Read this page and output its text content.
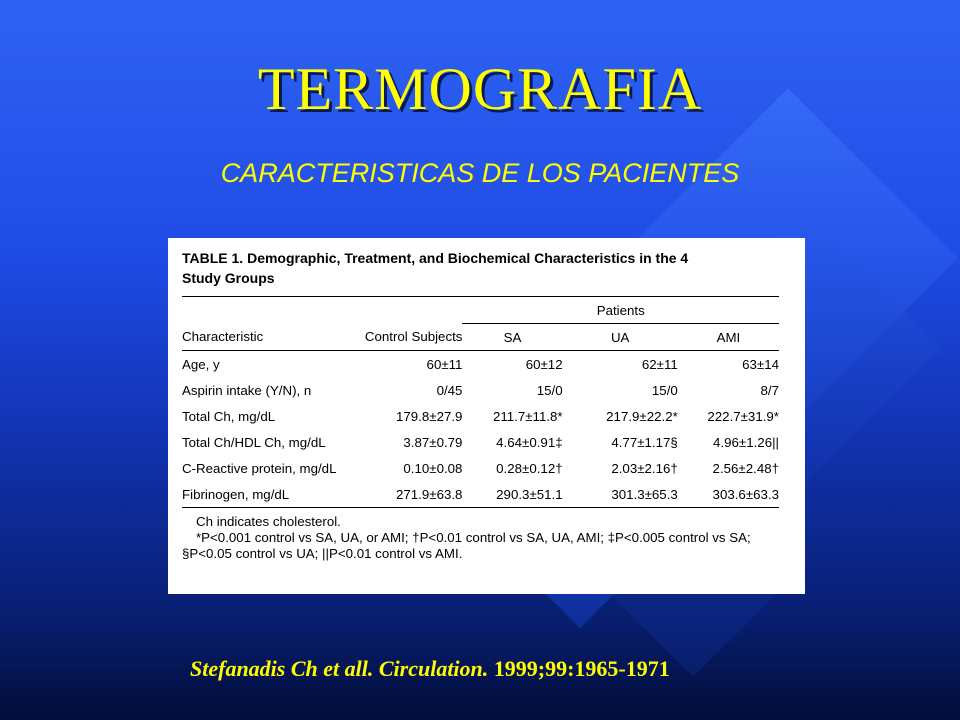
TERMOGRAFIA
CARACTERISTICAS DE LOS PACIENTES
TABLE 1. Demographic, Treatment, and Biochemical Characteristics in the 4
Study Groups
		Patients		
Characteristic	Control Subjects	SA	UA	AMI
Age, y	60±11	60±12	62±11	63±14
Aspirin intake (Y/N), n	0/45	15/0	15/0	8/7
Total Ch, mg/dL	179.8±27.9	211.7±11.8*	217.9±22.2*	222.7±31.9*
Total Ch/HDL Ch, mg/dL	3.87±0.79	4.64±0.91‡	4.77±1.17§	4.96±1.26||
C-Reactive protein, mg/dL	0.10±0.08	0.28±0.12†	2.03±2.16†	2.56±2.48†
Fibrinogen, mg/dL	271.9±63.8	290.3±51.1	301.3±65.3	303.6±63.3
Ch indicates cholesterol.
*P<0.001 control vs SA, UA, or AMI; †P<0.01 control vs SA, UA, AMI; ‡P<0.005 control vs SA;
§P<0.05 control vs UA; ||P<0.01 control vs AMI.
Stefanadis Ch et all. Circulation. 1999;99:1965-1971
